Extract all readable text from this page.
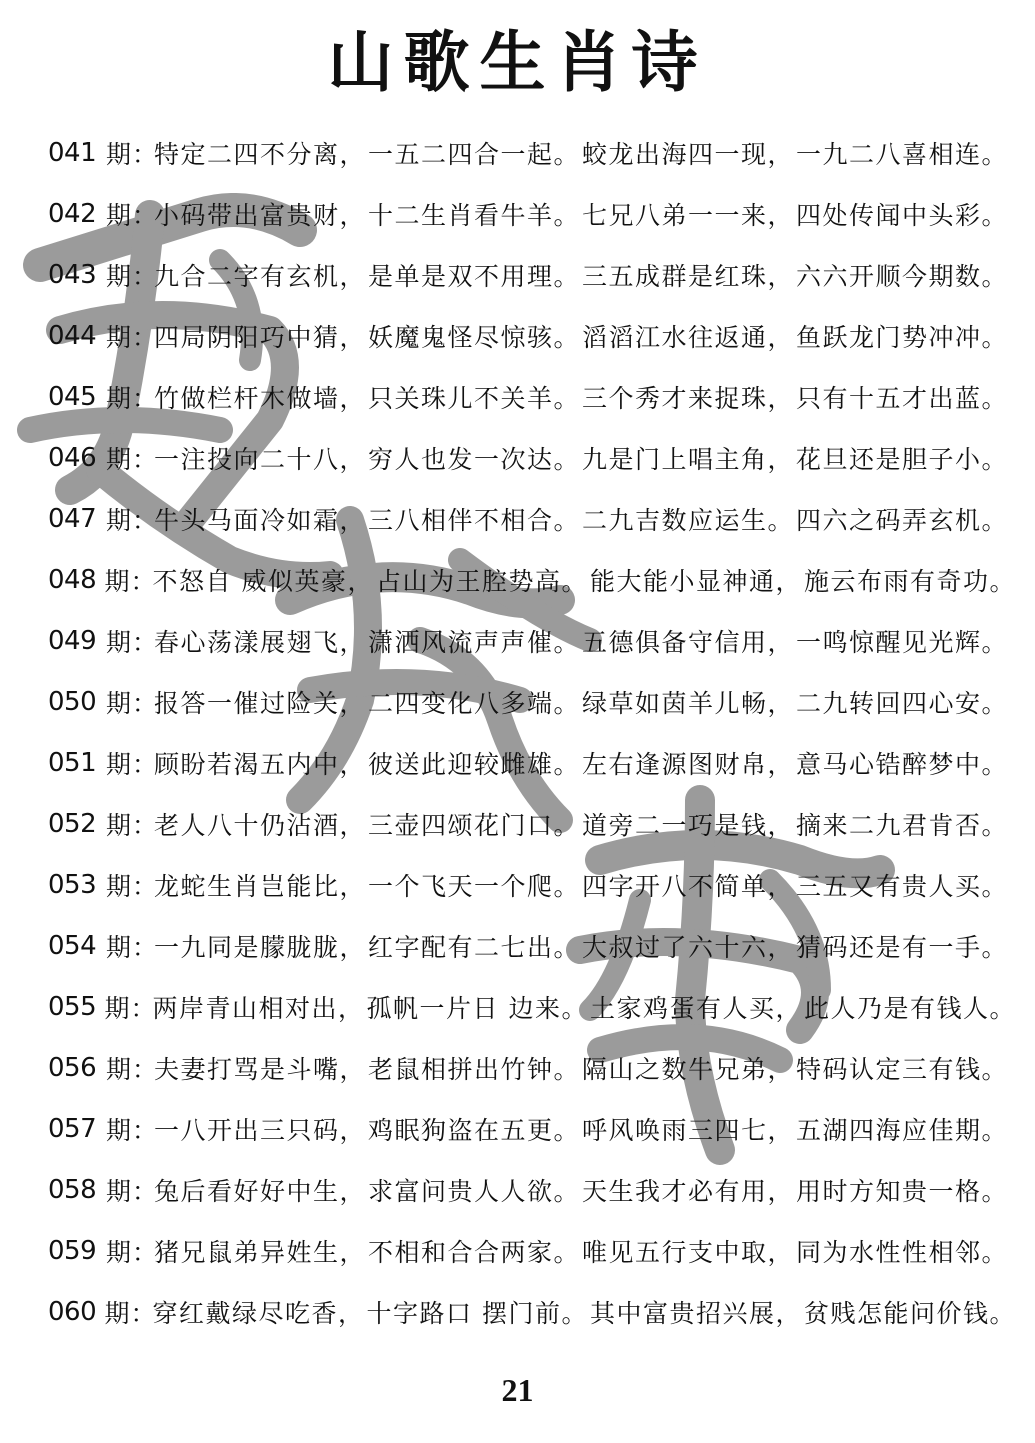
山歌生肖诗
041 期：
特定二四不分离， 一五二四合一起。 蛟龙出海四一现， 一九二八喜相连。
042 期：
小码带出富贵财， 十二生肖看牛羊。 七兄八弟一一来， 四处传闻中头彩。
043 期：
九合二字有玄机， 是单是双不用理。 三五成群是红珠， 六六开顺今期数。
044 期：
四局阴阳巧中猜， 妖魔鬼怪尽惊骇。 滔滔江水往返通， 鱼跃龙门势冲冲。
045 期：
竹做栏杆木做墙， 只关珠儿不关羊。 三个秀才来捉珠， 只有十五才出蓝。
046 期：
一注投向二十八， 穷人也发一次达。 九是门上唱主角， 花旦还是胆子小。
047 期：
牛头马面冷如霜， 三八相伴不相合。 二九吉数应运生。 四六之码弄玄机。
048 期：
不怒自 威似英豪， 占山为王腔势高。 能大能小显神通， 施云布雨有奇功。
049 期：
春心荡漾展翅飞， 潇洒风流声声催。 五德俱备守信用， 一鸣惊醒见光辉。
050 期：
报答一催过险关， 二四变化八多端。 绿草如茵羊儿畅， 二九转回四心安。
051 期：
顾盼若渴五内中， 彼送此迎较雌雄。 左右逢源图财帛， 意马心锆醉梦中。
052 期：
老人八十仍沾酒， 三壶四颂花门口。 道旁二一巧是钱， 摘来二九君肯否。
053 期：
龙蛇生肖岂能比， 一个飞天一个爬。 四字开八不简单， 三五又有贵人买。
054 期：
一九同是朦胧胧， 红字配有二七出。 大叔过了六十六， 猜码还是有一手。
055 期：
两岸青山相对出， 孤帆一片日 边来。 土家鸡蛋有人买， 此人乃是有钱人。
056 期：
夫妻打骂是斗嘴， 老鼠相拼出竹钟。 隔山之数牛兄弟， 特码认定三有钱。
057 期：
一八开出三只码， 鸡眠狗盗在五更。 呼风唤雨三四七， 五湖四海应佳期。
058 期：
兔后看好好中生， 求富问贵人人欲。 天生我才必有用， 用时方知贵一格。
059 期：
猪兄鼠弟异姓生， 不相和合合两家。 唯见五行支中取， 同为水性性相邻。
060 期：
穿红戴绿尽吃香， 十字路口 摆门前。 其中富贵招兴展， 贫贱怎能问价钱。
21
